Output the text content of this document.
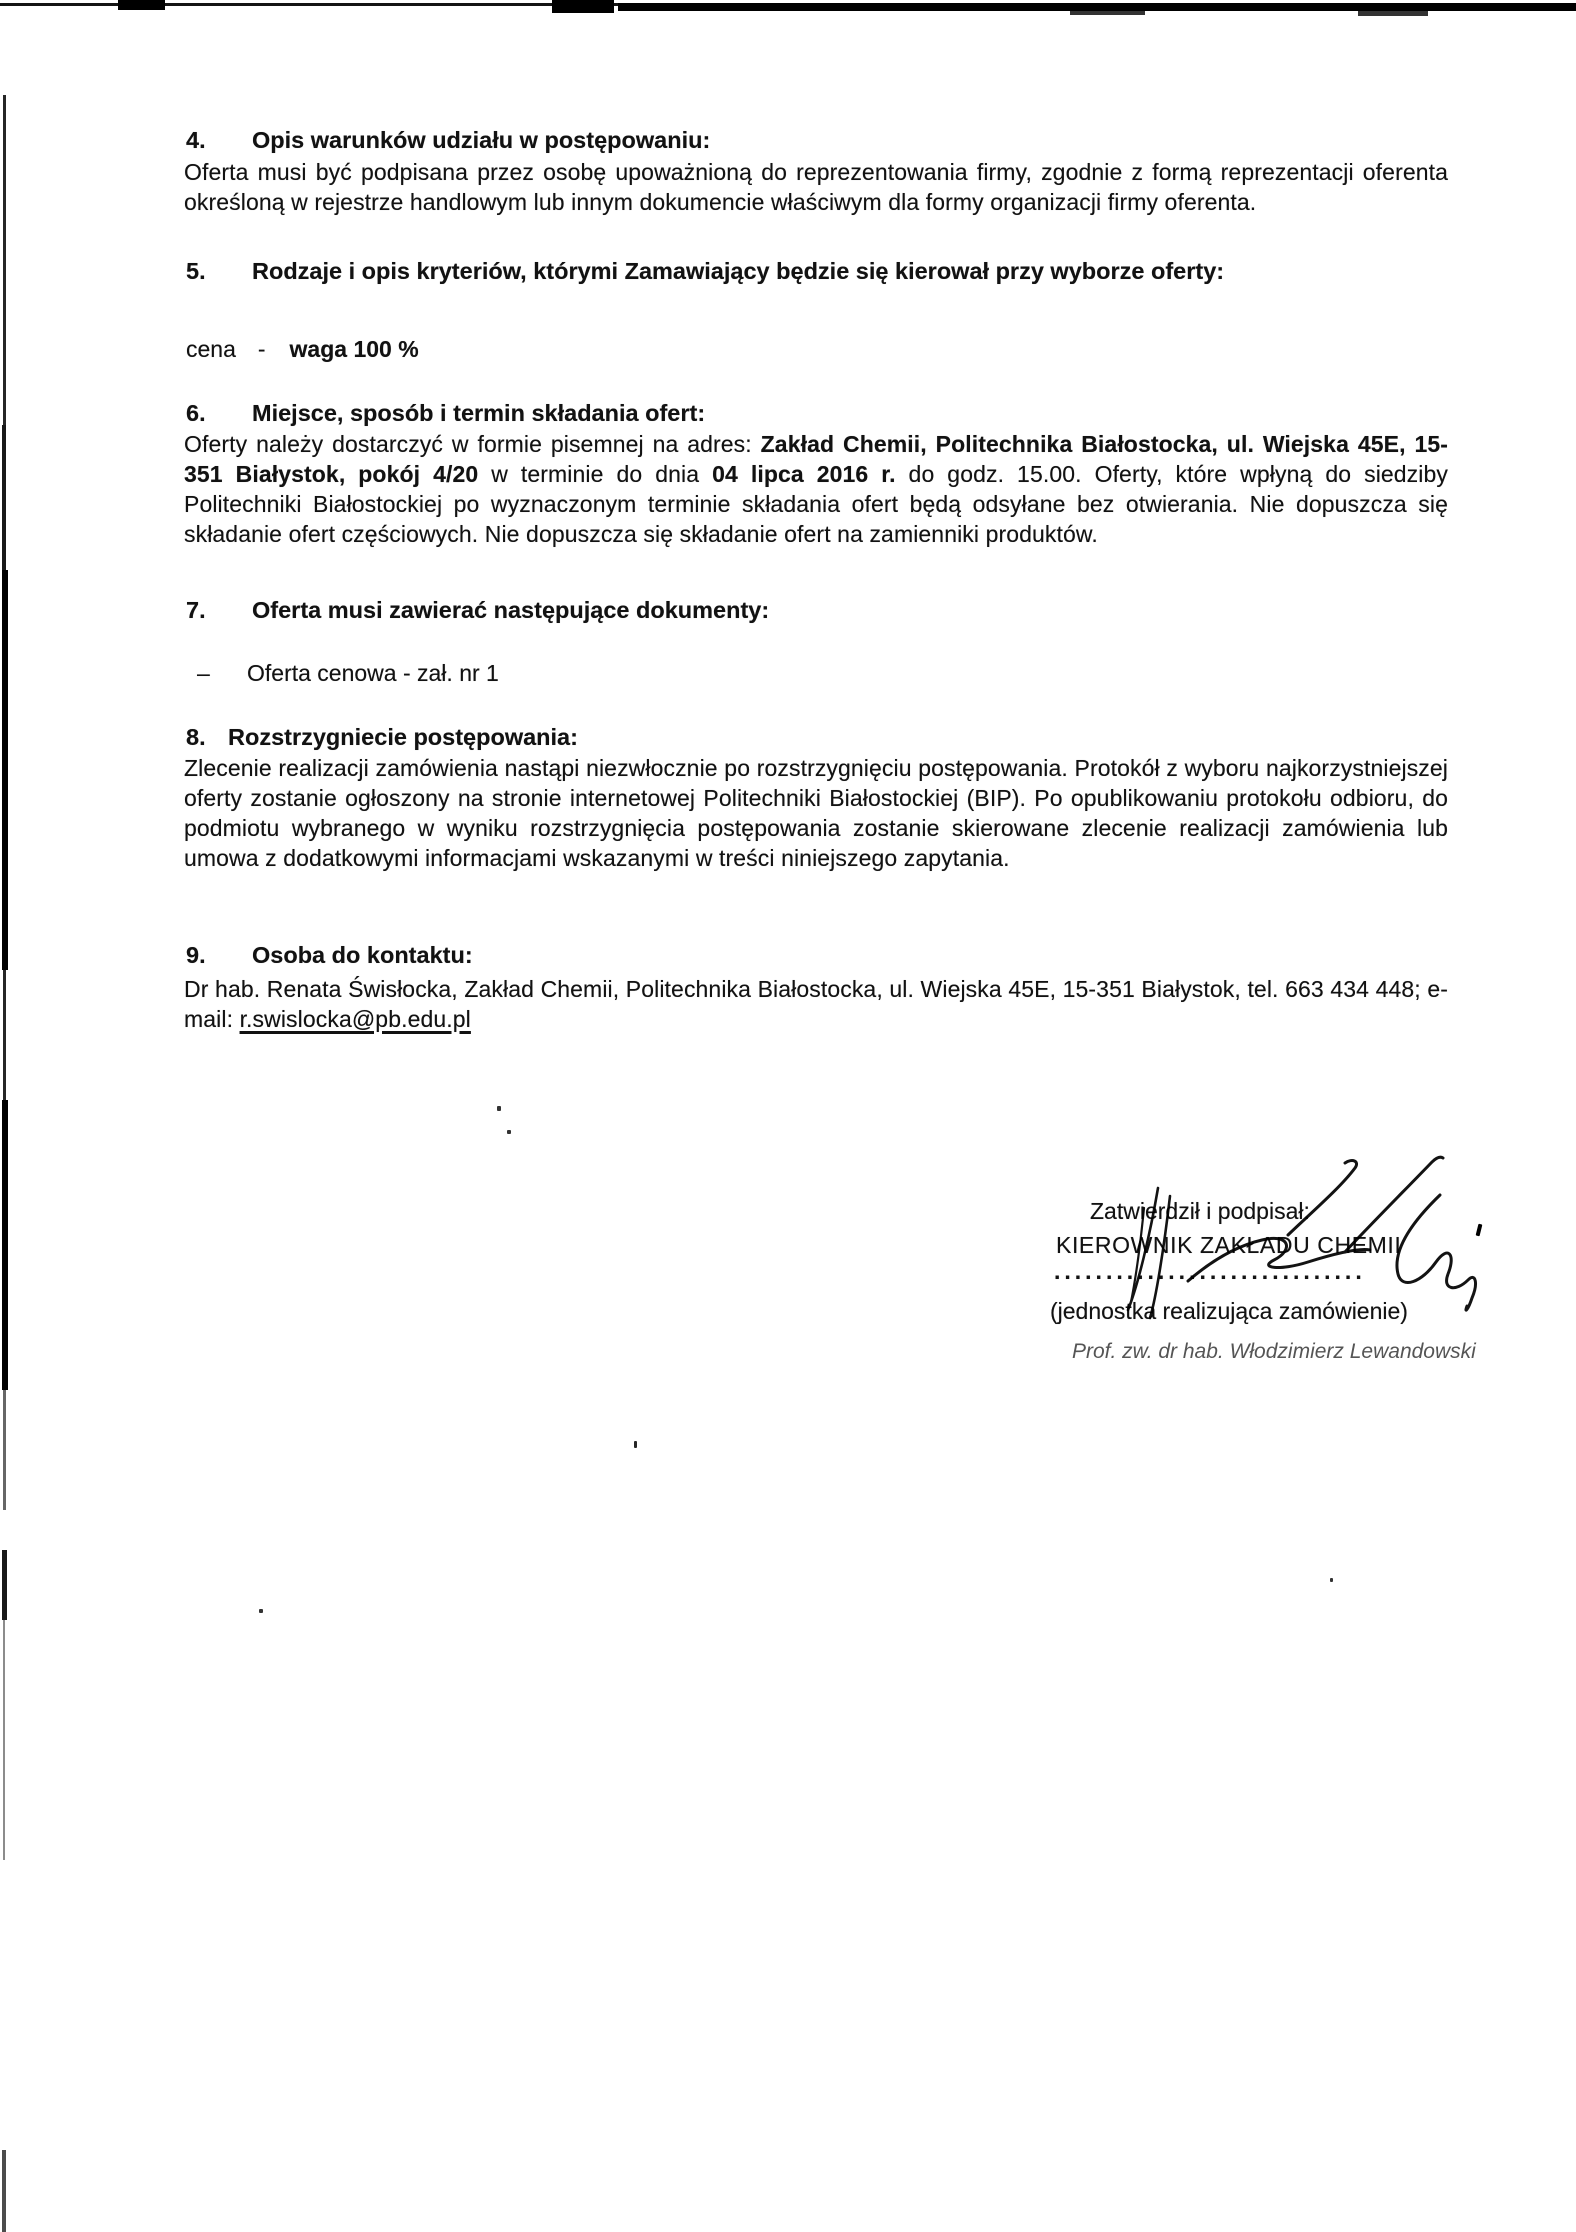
4.	Opis warunków udziału w postępowaniu:
Oferta musi być podpisana przez osobę upoważnioną do reprezentowania firmy, zgodnie z formą reprezentacji oferenta określoną w rejestrze handlowym lub innym dokumencie właściwym dla formy organizacji firmy oferenta.
5.	Rodzaje i opis kryteriów, którymi Zamawiający będzie się kierował przy wyborze oferty:
cena - waga 100 %
6.	Miejsce, sposób i termin składania ofert:
Oferty należy dostarczyć w formie pisemnej na adres: Zakład Chemii, Politechnika Białostocka, ul. Wiejska 45E, 15-351 Białystok, pokój 4/20 w terminie do dnia 04 lipca 2016 r. do godz. 15.00. Oferty, które wpłyną do siedziby Politechniki Białostockiej po wyznaczonym terminie składania ofert będą odsyłane bez otwierania. Nie dopuszcza się składanie ofert częściowych. Nie dopuszcza się składanie ofert na zamienniki produktów.
7.	Oferta musi zawierać następujące dokumenty:
–	Oferta cenowa - zał. nr 1
8. Rozstrzygniecie postępowania:
Zlecenie realizacji zamówienia nastąpi niezwłocznie po rozstrzygnięciu postępowania. Protokół z wyboru najkorzystniejszej oferty zostanie ogłoszony na stronie internetowej Politechniki Białostockiej (BIP). Po opublikowaniu protokołu odbioru, do podmiotu wybranego w wyniku rozstrzygnięcia postępowania zostanie skierowane zlecenie realizacji zamówienia lub umowa z dodatkowymi informacjami wskazanymi w treści niniejszego zapytania.
9.	Osoba do kontaktu:
Dr hab. Renata Świsłocka, Zakład Chemii, Politechnika Białostocka, ul. Wiejska 45E, 15-351 Białystok, tel. 663 434 448; e-mail: r.swislocka@pb.edu.pl
Zatwierdził i podpisał:
KIEROWNIK ZAKŁADU CHEMII
..............................
(jednostka realizująca zamówienie)
Prof. zw. dr hab. Włodzimierz Lewandowski
